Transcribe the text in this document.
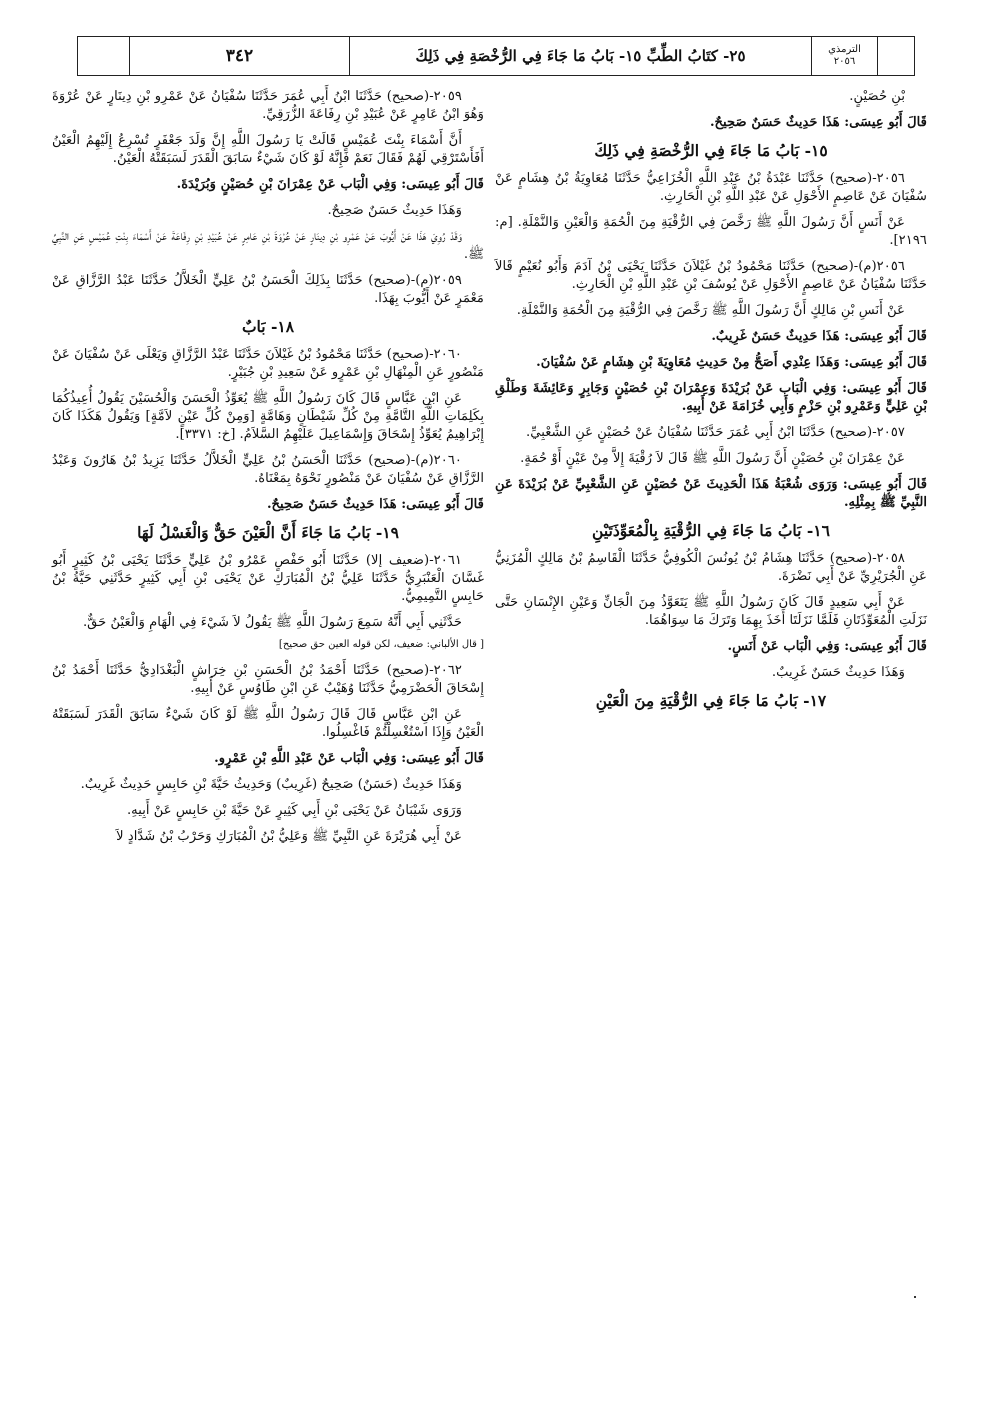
٣٤٢	٢٥- كتَابُ الطِّبِّ ١٥- بَابُ مَا جَاءَ فِي الرُّخْصَةِ فِي ذَلِكَ	الترمذي
٢٠٥٦

بْنِ حُصَيْنٍ.

قَالَ أَبُو عِيسَى: هَذَا حَدِيثٌ حَسَنٌ صَحِيحٌ.

١٥- بَابُ مَا جَاءَ فِي الرُّخْصَةِ فِي ذَلِكَ

٢٠٥٦-(صحيح) حَدَّثَنَا عَبْدَةُ بْنُ عَبْدِ اللَّهِ الْخُزَاعِيُّ حَدَّثَنَا مُعَاوِيَةُ بْنُ هِشَامٍ عَنْ سُفْيَانَ عَنْ عَاصِمٍ الأَحْوَلِ عَنْ عَبْدِ اللَّهِ بْنِ الْحَارِثِ.

عَنْ أَنَسٍ أَنَّ رَسُولَ اللَّهِ ﷺ رَخَّصَ فِي الرُّقْيَةِ مِنَ الْحُمَةِ وَالْعَيْنِ وَالنَّمْلَةِ. [م: ٢١٩٦].

٢٠٥٦(م)-(صحيح) حَدَّثَنَا مَحْمُودُ بْنُ غَيْلاَنَ حَدَّثَنَا يَحْيَى بْنُ آدَمَ وَأَبُو نُعَيْمٍ قَالاَ حَدَّثَنَا سُفْيَانُ عَنْ عَاصِمٍ الأَحْوَلِ عَنْ يُوسُفَ بْنِ عَبْدِ اللَّهِ بْنِ الْحَارِثِ.

عَنْ أَنَسِ بْنِ مَالِكٍ أَنَّ رَسُولَ اللَّهِ ﷺ رَخَّصَ فِي الرُّقْيَةِ مِنَ الْحُمَةِ وَالنَّمْلَةِ.

قَالَ أَبُو عِيسَى: هَذَا حَدِيثٌ حَسَنٌ غَرِيبٌ.

قَالَ أَبُو عِيسَى: وَهَذَا عِنْدِي أَصَحُّ مِنْ حَدِيثِ مُعَاوِيَةَ بْنِ هِشَامٍ عَنْ سُفْيَانَ.

قَالَ أَبُو عِيسَى: وَفِي الْبَاب عَنْ بُرَيْدَةَ وَعِمْرَانَ بْنِ حُصَيْنٍ وَجَابِرٍ وَعَائِشَةَ وَطَلْقِ بْنِ عَلِيٍّ وَعَمْرِو بْنِ حَزْمٍ وَأَبِي خُزَامَةَ عَنْ أَبِيهِ.

٢٠٥٧-(صحيح) حَدَّثَنَا ابْنُ أَبِي عُمَرَ حَدَّثَنَا سُفْيَانُ عَنْ حُصَيْنٍ عَنِ الشَّعْبِيِّ.

عَنْ عِمْرَانَ بْنِ حُصَيْنٍ أَنَّ رَسُولَ اللَّهِ ﷺ قَالَ لاَ رُقْيَةَ إِلاَّ مِنْ عَيْنٍ أَوْ حُمَةٍ.

قَالَ أَبُو عِيسَى: وَرَوَى شُعْبَةُ هَذَا الْحَدِيثَ عَنْ حُصَيْنٍ عَنِ الشَّعْبِيِّ عَنْ بُرَيْدَةَ عَنِ النَّبِيِّ ﷺ بِمِثْلِهِ.

١٦- بَابُ مَا جَاءَ فِي الرُّقْيَةِ بِالْمُعَوِّذَتَيْنِ

٢٠٥٨-(صحيح) حَدَّثَنَا هِشَامُ بْنُ يُونُسَ الْكُوفِيُّ حَدَّثَنَا الْقَاسِمُ بْنُ مَالِكٍ الْمُزَنِيُّ عَنِ الْجُرَيْرِيِّ عَنْ أَبِي نَضْرَةَ.

عَنْ أَبِي سَعِيدٍ قَالَ كَانَ رَسُولُ اللَّهِ ﷺ يَتَعَوَّذُ مِنَ الْجَانِّ وَعَيْنِ الإِنْسَانِ حَتَّى نَزَلَتِ الْمُعَوِّذَتَانِ فَلَمَّا نَزَلَتَا أَخَذَ بِهِمَا وَتَرَكَ مَا سِوَاهُمَا.

قَالَ أَبُو عِيسَى: وَفِي الْبَاب عَنْ أَنَسٍ.

وَهَذَا حَدِيثٌ حَسَنٌ غَرِيبٌ.

١٧- بَابُ مَا جَاءَ فِي الرُّقْيَةِ مِنَ الْعَيْنِ

٢٠٥٩-(صحيح) حَدَّثَنَا ابْنُ أَبِي عُمَرَ حَدَّثَنَا سُفْيَانُ عَنْ عَمْرِو بْنِ دِينَارٍ عَنْ عُرْوَةَ وَهُوَ ابْنُ عَامِرٍ عَنْ عُبَيْدِ بْنِ رِفَاعَةَ الزُّرَقِيِّ.

أَنَّ أَسْمَاءَ بِنْتَ عُمَيْسٍ قَالَتْ يَا رَسُولَ اللَّهِ إِنَّ وَلَدَ جَعْفَرٍ تُسْرِعُ إِلَيْهِمُ الْعَيْنُ أَفَأَسْتَرْقِي لَهُمْ فَقَالَ نَعَمْ فَإِنَّهُ لَوْ كَانَ شَيْءٌ سَابَقَ الْقَدَرَ لَسَبَقَتْهُ الْعَيْنُ.

قَالَ أَبُو عِيسَى: وَفِي الْبَاب عَنْ عِمْرَانَ بْنِ حُصَيْنٍ وَبُرَيْدَةَ.

وَهَذَا حَدِيثٌ حَسَنٌ صَحِيحٌ.

وَقَدْ رُوِيَ هَذَا عَنْ أَيُّوبَ عَنْ عَمْرِو بْنِ دِينَارٍ عَنْ عُرْوَةَ بْنِ عَامِرٍ عَنْ عُبَيْدِ بْنِ رِفَاعَةَ عَنْ أَسْمَاءَ بِنْتِ عُمَيْسٍ عَنِ النَّبِيِّ ﷺ.

٢٠٥٩(م)-(صحيح) حَدَّثَنَا بِذَلِكَ الْحَسَنُ بْنُ عَلِيٍّ الْخَلاَّلُ حَدَّثَنَا عَبْدُ الرَّزَّاقِ عَنْ مَعْمَرٍ عَنْ أَيُّوبَ بِهَذَا.

١٨- بَابٌ

٢٠٦٠-(صحيح) حَدَّثَنَا مَحْمُودُ بْنُ غَيْلاَنَ حَدَّثَنَا عَبْدُ الرَّزَّاقِ وَيَعْلَى عَنْ سُفْيَانَ عَنْ مَنْصُورٍ عَنِ الْمِنْهَالِ بْنِ عَمْرٍو عَنْ سَعِيدِ بْنِ جُبَيْرٍ.

عَنِ ابْنِ عَبَّاسٍ قَالَ كَانَ رَسُولُ اللَّهِ ﷺ يُعَوِّذُ الْحَسَنَ وَالْحُسَيْنَ يَقُولُ أُعِيذُكُمَا بِكَلِمَاتِ اللَّهِ التَّامَّةِ مِنْ كُلِّ شَيْطَانٍ وَهَامَّةٍ [وَمِنْ كُلِّ عَيْنٍ لاَمَّةٍ] وَيَقُولُ هَكَذَا كَانَ إِبْرَاهِيمُ يُعَوِّذُ إِسْحَاقَ وَإِسْمَاعِيلَ عَلَيْهِمُ السَّلاَمُ. [خ: ٣٣٧١].

٢٠٦٠(م)-(صحيح) حَدَّثَنَا الْحَسَنُ بْنُ عَلِيٍّ الْخَلاَّلُ حَدَّثَنَا يَزِيدُ بْنُ هَارُونَ وَعَبْدُ الرَّزَّاقِ عَنْ سُفْيَانَ عَنْ مَنْصُورٍ نَحْوَهُ بِمَعْنَاهُ.

قَالَ أَبُو عِيسَى: هَذَا حَدِيثٌ حَسَنٌ صَحِيحٌ.

١٩- بَابُ مَا جَاءَ أَنَّ الْعَيْنَ حَقٌّ وَالْغَسْلُ لَهَا

٢٠٦١-(ضعيف إلا) حَدَّثَنَا أَبُو حَفْصٍ عَمْرُو بْنُ عَلِيٍّ حَدَّثَنَا يَحْيَى بْنُ كَثِيرٍ أَبُو غَسَّانَ الْعَنْبَرِيُّ حَدَّثَنَا عَلِيُّ بْنُ الْمُبَارَكِ عَنْ يَحْيَى بْنِ أَبِي كَثِيرٍ حَدَّثَنِي حَيَّةُ بْنُ حَابِسٍ التَّمِيمِيُّ.

حَدَّثَنِي أَبِي أَنَّهُ سَمِعَ رَسُولَ اللَّهِ ﷺ يَقُولُ لاَ شَيْءَ فِي الْهَامِ وَالْعَيْنُ حَقٌّ.

[ قال الألباني: ضعيف، لكن قوله العين حق صحيح]

٢٠٦٢-(صحيح) حَدَّثَنَا أَحْمَدُ بْنُ الْحَسَنِ بْنِ خِرَاشٍ الْبَغْدَادِيُّ حَدَّثَنَا أَحْمَدُ بْنُ إِسْحَاقَ الْحَضْرَمِيُّ حَدَّثَنَا وُهَيْبٌ عَنِ ابْنِ طَاوُسٍ عَنْ أَبِيهِ.

عَنِ ابْنِ عَبَّاسٍ قَالَ قَالَ رَسُولُ اللَّهِ ﷺ لَوْ كَانَ شَيْءٌ سَابَقَ الْقَدَرَ لَسَبَقَتْهُ الْعَيْنُ وَإِذَا اسْتُغْسِلْتُمْ فَاغْسِلُوا.

قَالَ أَبُو عِيسَى: وَفِي الْبَاب عَنْ عَبْدِ اللَّهِ بْنِ عَمْرٍو.

وَهَذَا حَدِيثٌ (حَسَنٌ) صَحِيحٌ (غَرِيبٌ) وَحَدِيثُ حَيَّةَ بْنِ حَابِسٍ حَدِيثٌ غَرِيبٌ.

وَرَوَى شَيْبَانُ عَنْ يَحْيَى بْنِ أَبِي كَثِيرٍ عَنْ حَيَّةَ بْنِ حَابِسٍ عَنْ أَبِيهِ.

عَنْ أَبِي هُرَيْرَةَ عَنِ النَّبِيِّ ﷺ وَعَلِيُّ بْنُ الْمُبَارَكِ وَحَرْبُ بْنُ شَدَّادٍ لاَ
